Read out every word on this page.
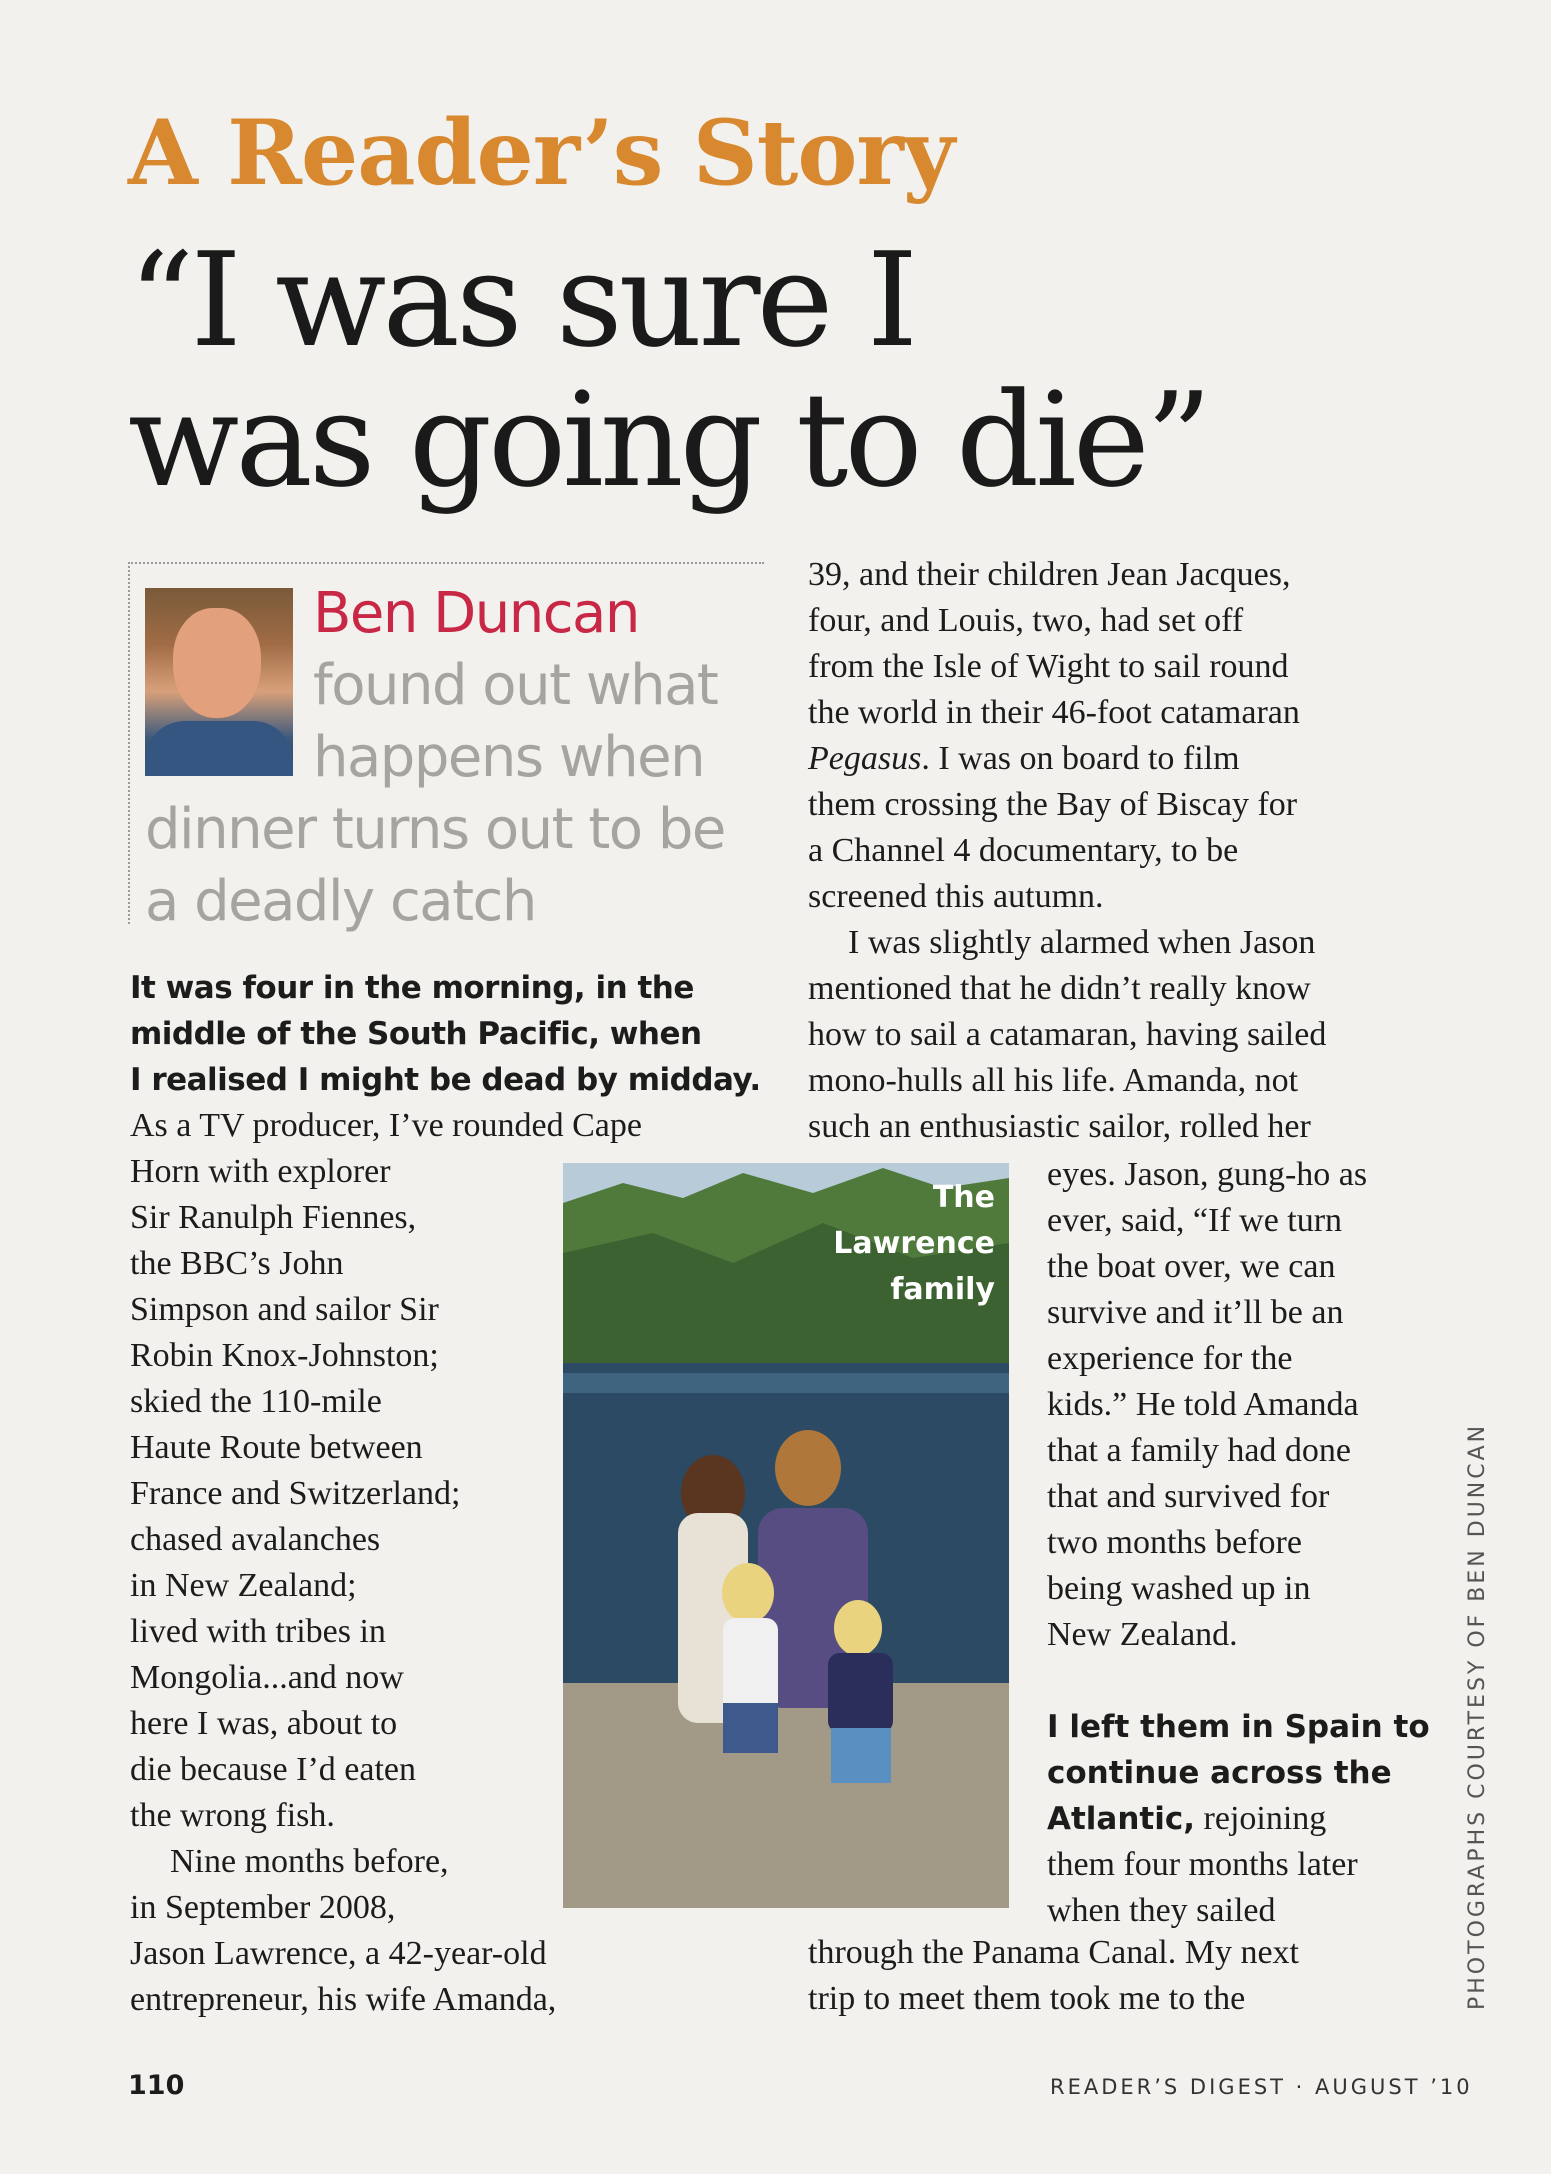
A Reader’s Story
“I was sure I
was going to die”
Ben Duncan
found out what
happens when
dinner turns out to be
a deadly catch
It was four in the morning, in the
middle of the South Pacific, when
I realised I might be dead by midday.
As a TV producer, I’ve rounded Cape
Horn with explorer
Sir Ranulph Fiennes,
the BBC’s John
Simpson and sailor Sir
Robin Knox-Johnston;
skied the 110-mile
Haute Route between
France and Switzerland;
chased avalanches
in New Zealand;
lived with tribes in
Mongolia...and now
here I was, about to
die because I’d eaten
the wrong fish.
Nine months before,
in September 2008,
Jason Lawrence, a 42-year-old
entrepreneur, his wife Amanda,
39, and their children Jean Jacques,
four, and Louis, two, had set off
from the Isle of Wight to sail round
the world in their 46-foot catamaran
Pegasus. I was on board to film
them crossing the Bay of Biscay for
a Channel 4 documentary, to be
screened this autumn.
I was slightly alarmed when Jason
mentioned that he didn’t really know
how to sail a catamaran, having sailed
mono-hulls all his life. Amanda, not
such an enthusiastic sailor, rolled her
eyes. Jason, gung-ho as
ever, said, “If we turn
the boat over, we can
survive and it’ll be an
experience for the
kids.” He told Amanda
that a family had done
that and survived for
two months before
being washed up in
New Zealand.
I left them in Spain to
continue across the
Atlantic, rejoining
them four months later
when they sailed
through the Panama Canal. My next
trip to meet them took me to the
The
Lawrence
family
PHOTOGRAPHS COURTESY OF BEN DUNCAN
110	READER’S DIGEST · AUGUST ’10
